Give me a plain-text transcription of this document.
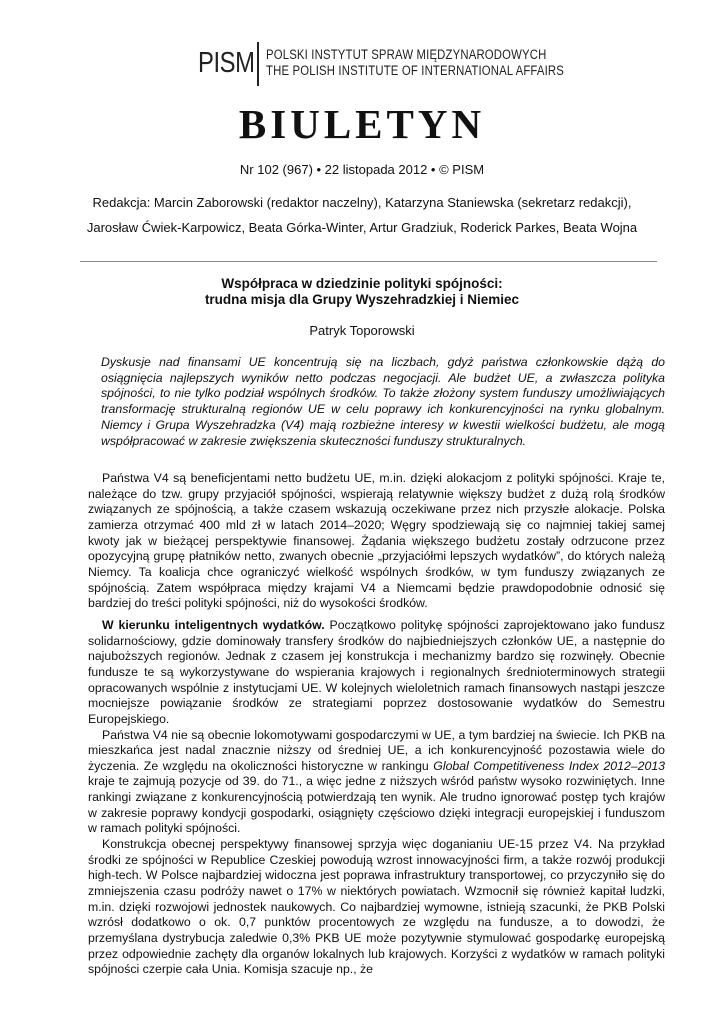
PISM POLSKI INSTYTUT SPRAW MIĘDZYNARODOWYCH
THE POLISH INSTITUTE OF INTERNATIONAL AFFAIRS
BIULETYN
Nr 102 (967) • 22 listopada 2012 • © PISM
Redakcja: Marcin Zaborowski (redaktor naczelny), Katarzyna Staniewska (sekretarz redakcji),
Jarosław Ćwiek-Karpowicz, Beata Górka-Winter, Artur Gradziuk, Roderick Parkes, Beata Wojna
Współpraca w dziedzinie polityki spójności:
trudna misja dla Grupy Wyszehradzkiej i Niemiec
Patryk Toporowski
Dyskusje nad finansami UE koncentrują się na liczbach, gdyż państwa członkowskie dążą do osiągnięcia najlepszych wyników netto podczas negocjacji. Ale budżet UE, a zwłaszcza polityka spójności, to nie tylko podział wspólnych środków. To także złożony system funduszy umożliwiających transformację strukturalną regionów UE w celu poprawy ich konkurencyjności na rynku globalnym. Niemcy i Grupa Wyszehradzka (V4) mają rozbieżne interesy w kwestii wielkości budżetu, ale mogą współpracować w zakresie zwiększenia skuteczności funduszy strukturalnych.

Państwa V4 są beneficjentami netto budżetu UE, m.in. dzięki alokacjom z polityki spójności. Kraje te, należące do tzw. grupy przyjaciół spójności, wspierają relatywnie większy budżet z dużą rolą środków związanych ze spójnością, a także czasem wskazują oczekiwane przez nich przyszłe alokacje. Polska zamierza otrzymać 400 mld zł w latach 2014–2020; Węgry spodziewają się co najmniej takiej samej kwoty jak w bieżącej perspektywie finansowej. Żądania większego budżetu zostały odrzucone przez opozycyjną grupę płatników netto, zwanych obecnie „przyjaciółmi lepszych wydatków”, do których należą Niemcy. Ta koalicja chce ograniczyć wielkość wspólnych środków, w tym funduszy związanych ze spójnością. Zatem współpraca między krajami V4 a Niemcami będzie prawdopodobnie odnosić się bardziej do treści polityki spójności, niż do wysokości środków.

W kierunku inteligentnych wydatków. Początkowo politykę spójności zaprojektowano jako fundusz solidarnościowy, gdzie dominowały transfery środków do najbiedniejszych członków UE, a następnie do najuboższych regionów. Jednak z czasem jej konstrukcja i mechanizmy bardzo się rozwinęły. Obecnie fundusze te są wykorzystywane do wspierania krajowych i regionalnych średnioterminowych strategii opracowanych wspólnie z instytucjami UE. W kolejnych wieloletnich ramach finansowych nastąpi jeszcze mocniejsze powiązanie środków ze strategiami poprzez dostosowanie wydatków do Semestru Europejskiego.

Państwa V4 nie są obecnie lokomotywami gospodarczymi w UE, a tym bardziej na świecie. Ich PKB na mieszkańca jest nadal znacznie niższy od średniej UE, a ich konkurencyjność pozostawia wiele do życzenia. Ze względu na okoliczności historyczne w rankingu Global Competitiveness Index 2012–2013 kraje te zajmują pozycje od 39. do 71., a więc jedne z niższych wśród państw wysoko rozwiniętych. Inne rankingi związane z konkurencyjnością potwierdzają ten wynik. Ale trudno ignorować postęp tych krajów w zakresie poprawy kondycji gospodarki, osiągnięty częściowo dzięki integracji europejskiej i funduszom w ramach polityki spójności.

Konstrukcja obecnej perspektywy finansowej sprzyja więc doganianiu UE-15 przez V4. Na przykład środki ze spójności w Republice Czeskiej powodują wzrost innowacyjności firm, a także rozwój produkcji high-tech. W Polsce najbardziej widoczna jest poprawa infrastruktury transportowej, co przyczyniło się do zmniejszenia czasu podróży nawet o 17% w niektórych powiatach. Wzmocnił się również kapitał ludzki, m.in. dzięki rozwojowi jednostek naukowych. Co najbardziej wymowne, istnieją szacunki, że PKB Polski wzrósł dodatkowo o ok. 0,7 punktów procentowych ze względu na fundusze, a to dowodzi, że przemyślana dystrybucja zaledwie 0,3% PKB UE może pozytywnie stymulować gospodarkę europejską przez odpowiednie zachęty dla organów lokalnych lub krajowych. Korzyści z wydatków w ramach polityki spójności czerpie cała Unia. Komisja szacuje np., że
